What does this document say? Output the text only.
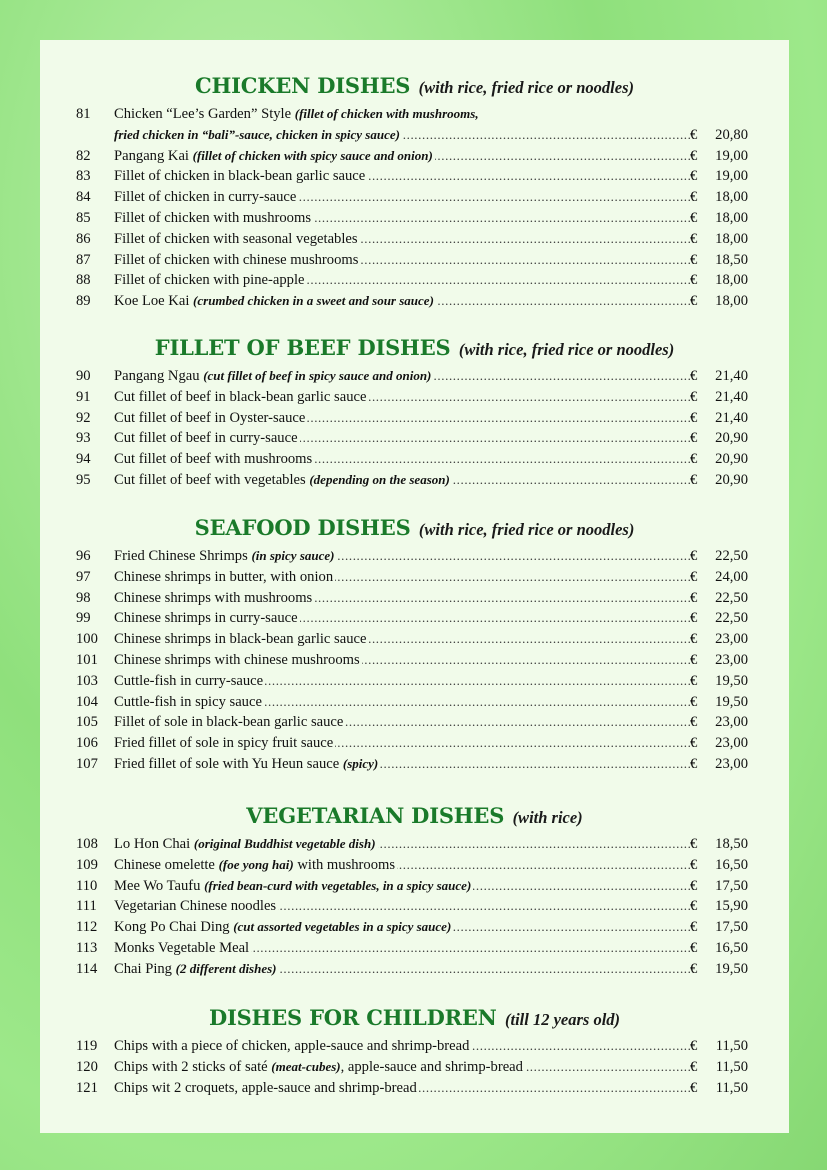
CHICKEN DISHES (with rice, fried rice or noodles)
81	Chicken “Lee’s Garden” Style (fillet of chicken with mushrooms,
fried chicken in “bali”-sauce, chicken in spicy sauce) .....	€	20,80
82	Pangang Kai (fillet of chicken with spicy sauce and onion) .....	€	19,00
83	Fillet of chicken in black-bean garlic sauce .....	€	19,00
84	Fillet of chicken in curry-sauce .....	€	18,00
85	Fillet of chicken with mushrooms .....	€	18,00
86	Fillet of chicken with seasonal vegetables .....	€	18,00
87	Fillet of chicken with chinese mushrooms .....	€	18,50
88	Fillet of chicken with pine-apple .....	€	18,00
89	Koe Loe Kai (crumbed chicken in a sweet and sour sauce) .....	€	18,00
FILLET OF BEEF DISHES (with rice, fried rice or noodles)
90	Pangang Ngau (cut fillet of beef in spicy sauce and onion) .....	€	21,40
91	Cut fillet of beef in black-bean garlic sauce .....	€	21,40
92	Cut fillet of beef in Oyster-sauce .....	€	21,40
93	Cut fillet of beef in curry-sauce .....	€	20,90
94	Cut fillet of beef with mushrooms .....	€	20,90
95	Cut fillet of beef with vegetables (depending on the season) .....	€	20,90
SEAFOOD DISHES (with rice, fried rice or noodles)
96	Fried Chinese Shrimps (in spicy sauce) .....	€	22,50
97	Chinese shrimps in butter, with onion .....	€	24,00
98	Chinese shrimps with mushrooms .....	€	22,50
99	Chinese shrimps in curry-sauce .....	€	22,50
100	Chinese shrimps in black-bean garlic sauce .....	€	23,00
101	Chinese shrimps with chinese mushrooms .....	€	23,00
103	Cuttle-fish in curry-sauce .....	€	19,50
104	Cuttle-fish in spicy sauce .....	€	19,50
105	Fillet of sole in black-bean garlic sauce .....	€	23,00
106	Fried fillet of sole in spicy fruit sauce .....	€	23,00
107	Fried fillet of sole with Yu Heun sauce (spicy) .....	€	23,00
VEGETARIAN DISHES (with rice)
108	Lo Hon Chai (original Buddhist vegetable dish) .....	€	18,50
109	Chinese omelette (foe yong hai) with mushrooms .....	€	16,50
110	Mee Wo Taufu (fried bean-curd with vegetables, in a spicy sauce) .....	€	17,50
111	Vegetarian Chinese noodles .....	€	15,90
112	Kong Po Chai Ding (cut assorted vegetables in a spicy sauce) .....	€	17,50
113	Monks Vegetable Meal .....	€	16,50
114	Chai Ping (2 different dishes) .....	€	19,50
DISHES FOR CHILDREN (till 12 years old)
119	Chips with a piece of chicken, apple-sauce and shrimp-bread .....	€	11,50
120	Chips with 2 sticks of saté (meat-cubes), apple-sauce and shrimp-bread .....	€	11,50
121	Chips wit 2 croquets, apple-sauce and shrimp-bread .....	€	11,50
